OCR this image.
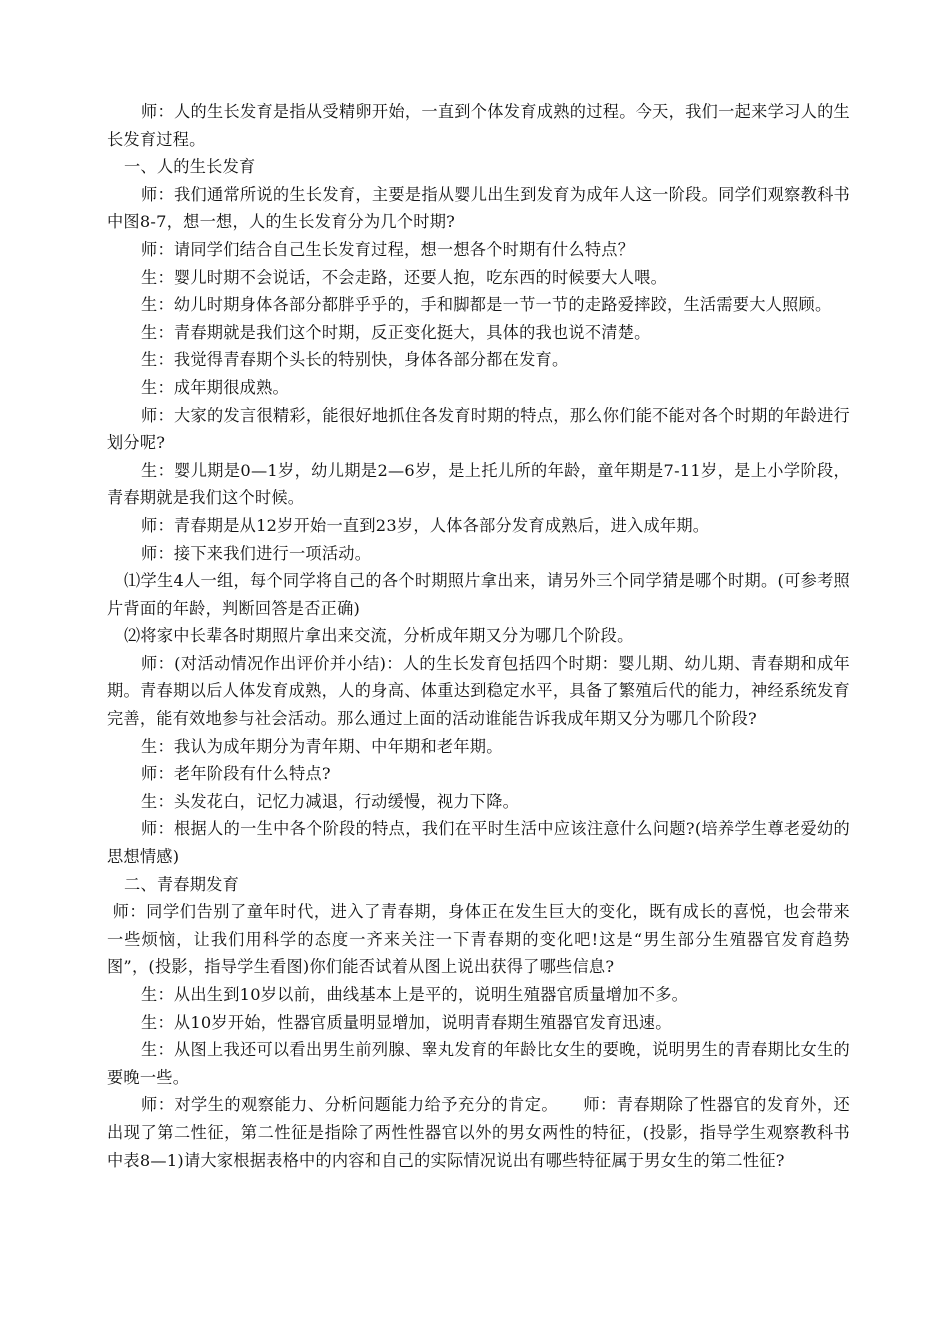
师：人的生长发育是指从受精卵开始，一直到个体发育成熟的过程。今天，我们一起来学习人的生长发育过程。

一、人的生长发育

师：我们通常所说的生长发育，主要是指从婴儿出生到发育为成年人这一阶段。同学们观察教科书中图8-7，想一想，人的生长发育分为几个时期?

师：请同学们结合自己生长发育过程，想一想各个时期有什么特点？

生：婴儿时期不会说话，不会走路，还要人抱，吃东西的时候要大人喂。

生：幼儿时期身体各部分都胖乎乎的，手和脚都是一节一节的走路爱摔跤，生活需要大人照顾。

生：青春期就是我们这个时期，反正变化挺大，具体的我也说不清楚。

生：我觉得青春期个头长的特别快，身体各部分都在发育。

生：成年期很成熟。

师：大家的发言很精彩，能很好地抓住各发育时期的特点，那么你们能不能对各个时期的年龄进行划分呢?

生：婴儿期是0—1岁，幼儿期是2—6岁，是上托儿所的年龄，童年期是7-11岁，是上小学阶段，青春期就是我们这个时候。

师：青春期是从12岁开始一直到23岁，人体各部分发育成熟后，进入成年期。

师：接下来我们进行一项活动。

⑴学生4人一组，每个同学将自己的各个时期照片拿出来，请另外三个同学猜是哪个时期。(可参考照片背面的年龄，判断回答是否正确)

⑵将家中长辈各时期照片拿出来交流，分析成年期又分为哪几个阶段。

师：(对活动情况作出评价并小结)：人的生长发育包括四个时期：婴儿期、幼儿期、青春期和成年期。青春期以后人体发育成熟，人的身高、体重达到稳定水平，具备了繁殖后代的能力，神经系统发育完善，能有效地参与社会活动。那么通过上面的活动谁能告诉我成年期又分为哪几个阶段?

生：我认为成年期分为青年期、中年期和老年期。

师：老年阶段有什么特点?

生：头发花白，记忆力减退，行动缓慢，视力下降。

师：根据人的一生中各个阶段的特点，我们在平时生活中应该注意什么问题?(培养学生尊老爱幼的思想情感)

二、青春期发育

师：同学们告别了童年时代，进入了青春期，身体正在发生巨大的变化，既有成长的喜悦，也会带来一些烦恼，让我们用科学的态度一齐来关注一下青春期的变化吧!这是“男生部分生殖器官发育趋势图”，(投影，指导学生看图)你们能否试着从图上说出获得了哪些信息?

生：从出生到10岁以前，曲线基本上是平的，说明生殖器官质量增加不多。

生：从10岁开始，性器官质量明显增加，说明青春期生殖器官发育迅速。

生：从图上我还可以看出男生前列腺、睾丸发育的年龄比女生的要晚，说明男生的青春期比女生的要晚一些。

师：对学生的观察能力、分析问题能力给予充分的肯定。　　师：青春期除了性器官的发育外，还出现了第二性征，第二性征是指除了两性性器官以外的男女两性的特征，(投影，指导学生观察教科书中表8—1)请大家根据表格中的内容和自己的实际情况说出有哪些特征属于男女生的第二性征?
